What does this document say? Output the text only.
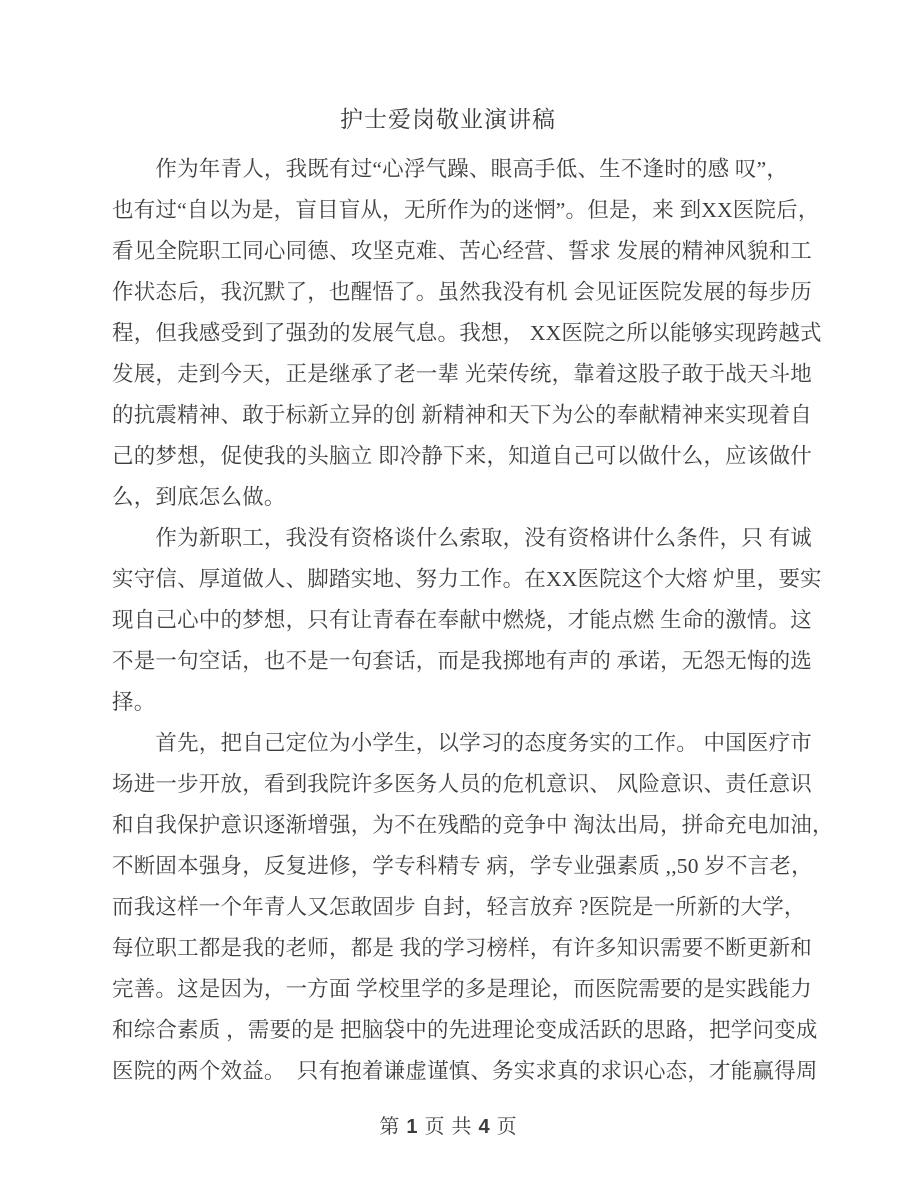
护士爱岗敬业演讲稿
　　作为年青人，我既有过“心浮气躁、眼高手低、生不逢时的感 叹”，
也有过“自以为是，盲目盲从，无所作为的迷惘”。但是，来 到XX医院后，
看见全院职工同心同德、攻坚克难、苦心经营、誓求 发展的精神风貌和工
作状态后，我沉默了，也醒悟了。虽然我没有机 会见证医院发展的每步历
程，但我感受到了强劲的发展气息。我想， XX医院之所以能够实现跨越式
发展，走到今天，正是继承了老一辈 光荣传统，靠着这股子敢于战天斗地
的抗震精神、敢于标新立异的创 新精神和天下为公的奉献精神来实现着自
己的梦想，促使我的头脑立 即冷静下来，知道自己可以做什么，应该做什
么，到底怎么做。
　　作为新职工，我没有资格谈什么索取，没有资格讲什么条件，只 有诚
实守信、厚道做人、脚踏实地、努力工作。在XX医院这个大熔 炉里，要实
现自己心中的梦想，只有让青春在奉献中燃烧，才能点燃 生命的激情。这
不是一句空话，也不是一句套话，而是我掷地有声的 承诺，无怨无悔的选
择。
　　首先，把自己定位为小学生，以学习的态度务实的工作。 中国医疗市
场进一步开放，看到我院许多医务人员的危机意识、 风险意识、责任意识
和自我保护意识逐渐增强，为不在残酷的竞争中 淘汰出局，拼命充电加油，
不断固本强身，反复进修，学专科精专 病，学专业强素质 ,,50 岁不言老，
而我这样一个年青人又怎敢固步 自封，轻言放弃 ?医院是一所新的大学，
每位职工都是我的老师，都是 我的学习榜样，有许多知识需要不断更新和
完善。这是因为，一方面 学校里学的多是理论，而医院需要的是实践能力
和综合素质 ，需要的是 把脑袋中的先进理论变成活跃的思路，把学问变成
医院的两个效益。  只有抱着谦虚谨慎、务实求真的求识心态，才能赢得周
第 1 页 共 4 页
